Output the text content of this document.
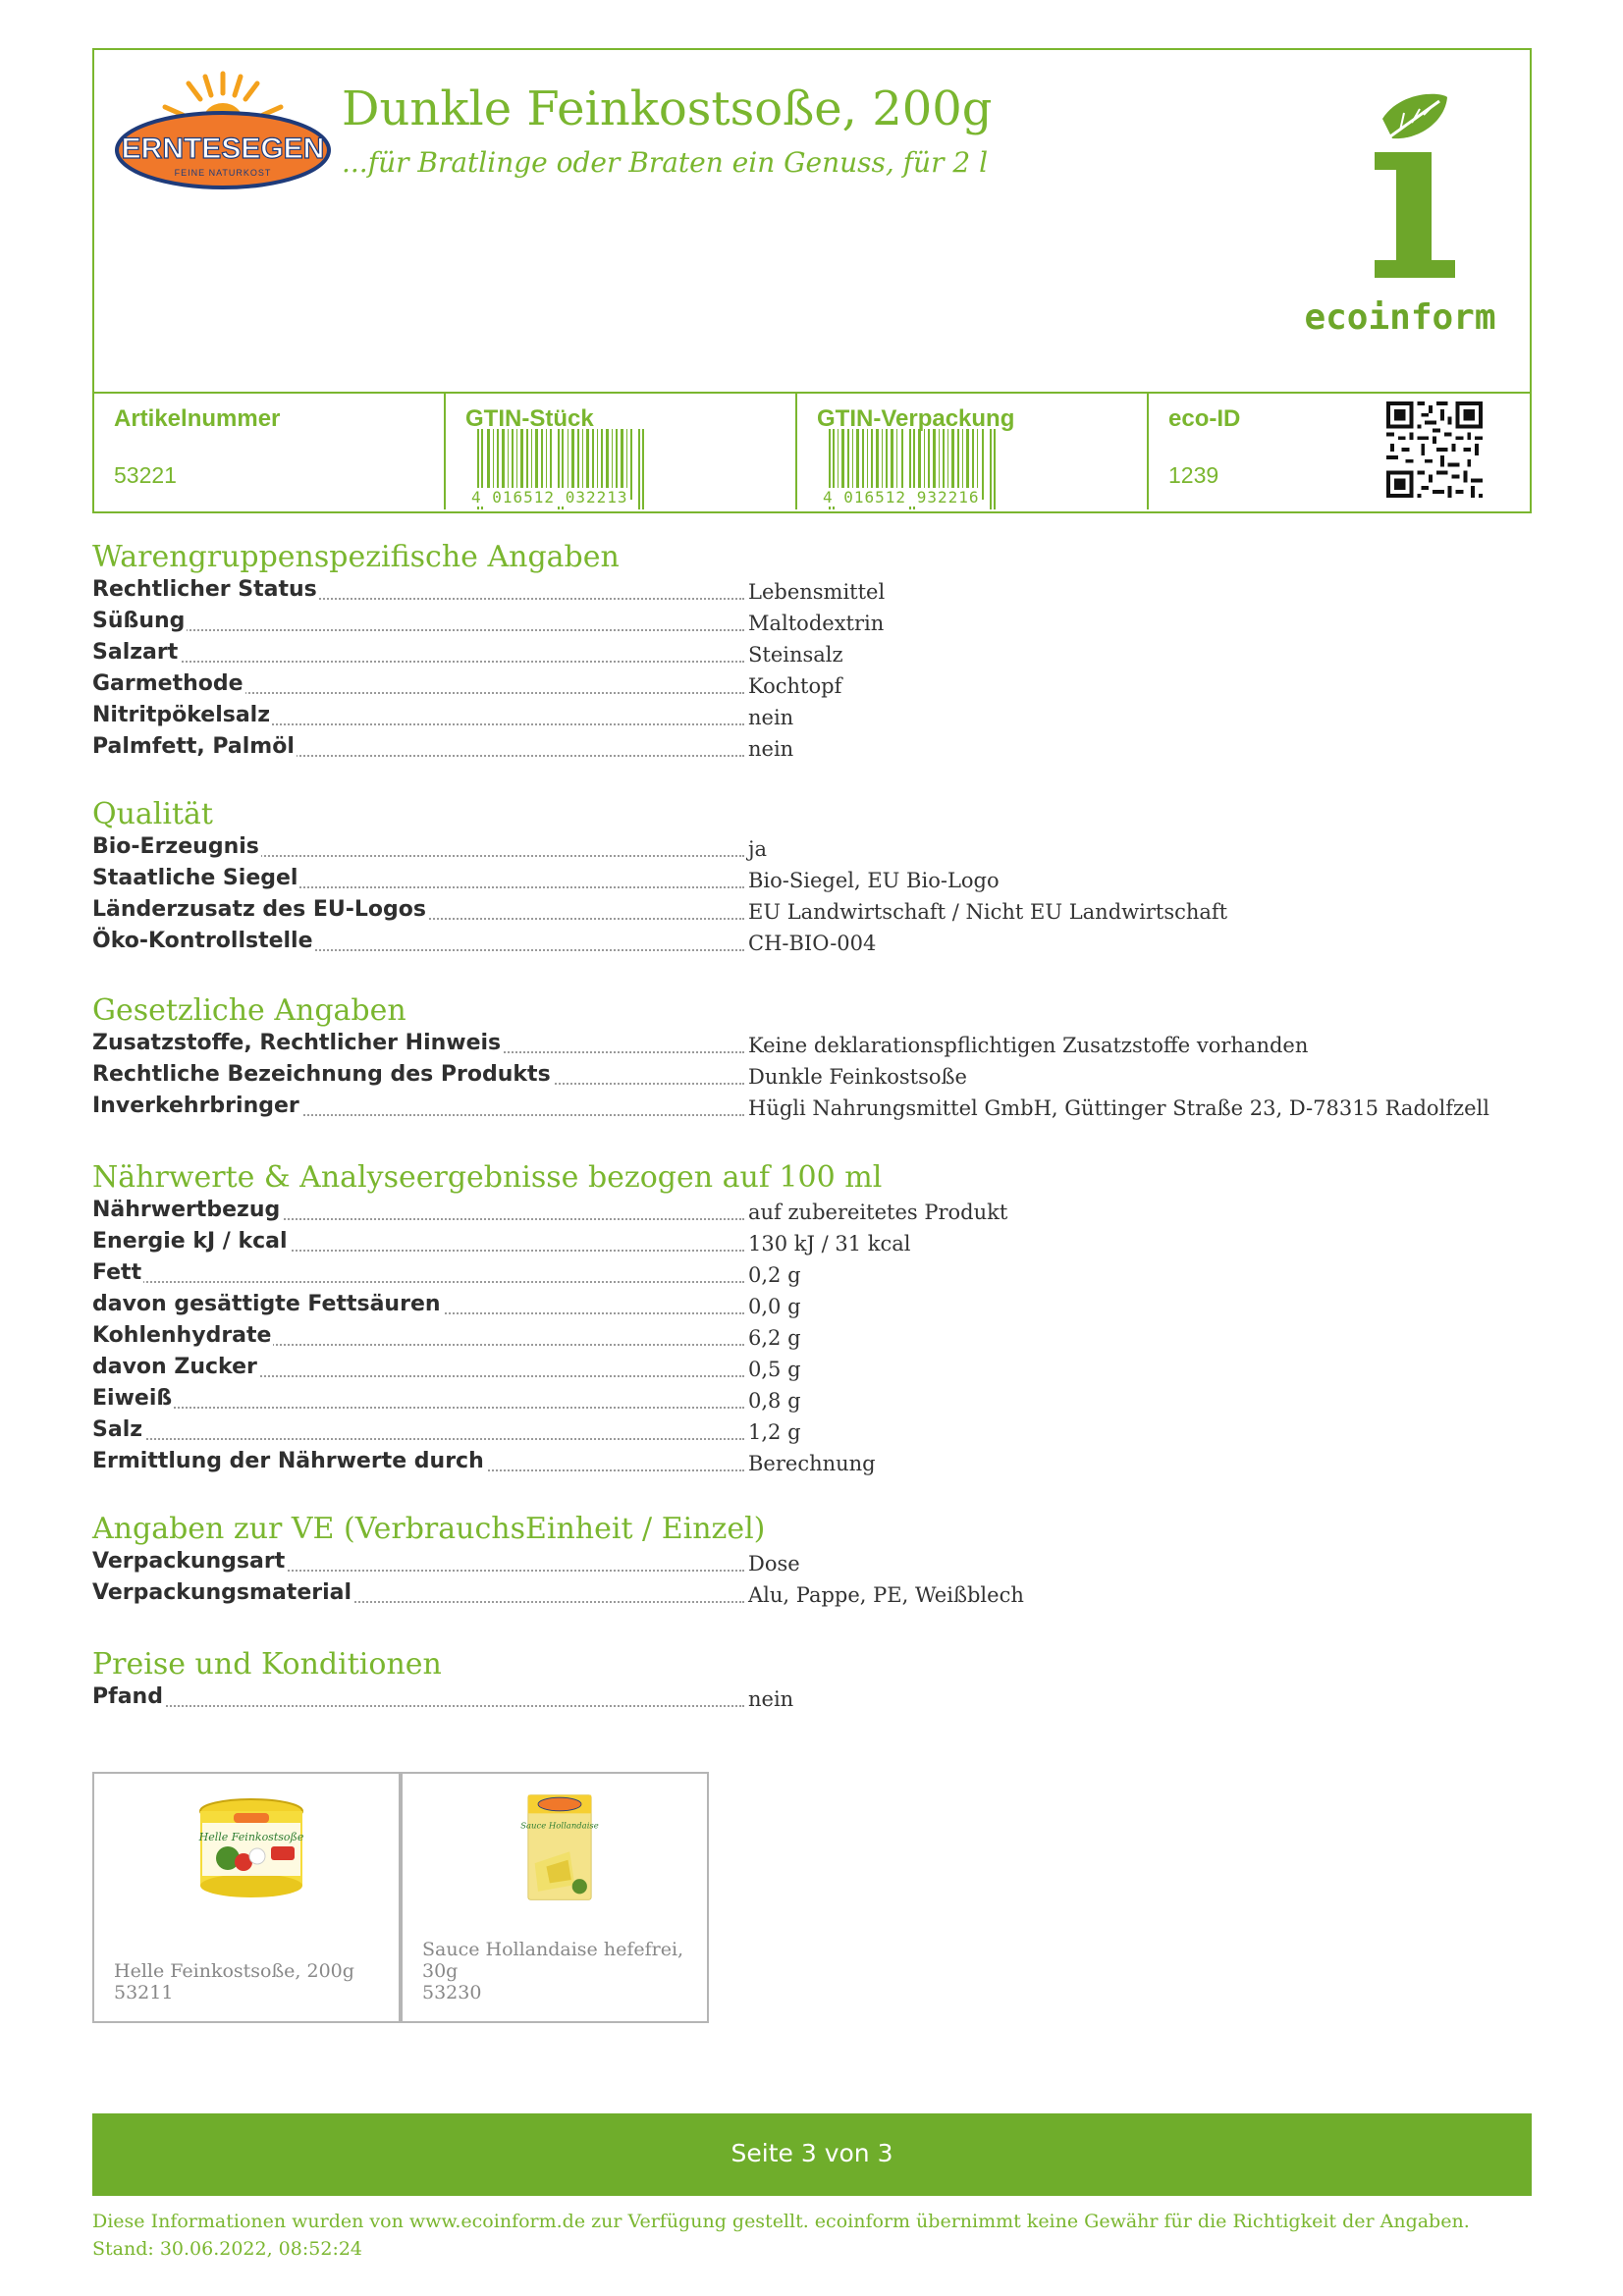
ERNTESEGEN
FEINE NATURKOST
Dunkle Feinkostsoße, 200g
...für Bratlinge oder Braten ein Genuss, für 2 l
ecoinform
Artikelnummer
53221
GTIN-Stück
4 016512 032213
GTIN-Verpackung
4 016512 932216
eco-ID
1239
Warengruppenspezifische Angaben
Rechtlicher Status	Lebensmittel
Süßung	Maltodextrin
Salzart	Steinsalz
Garmethode	Kochtopf
Nitritpökelsalz	nein
Palmfett, Palmöl	nein
Qualität
Bio-Erzeugnis	ja
Staatliche Siegel	Bio-Siegel, EU Bio-Logo
Länderzusatz des EU-Logos	EU Landwirtschaft / Nicht EU Landwirtschaft
Öko-Kontrollstelle	CH-BIO-004
Gesetzliche Angaben
Zusatzstoffe, Rechtlicher Hinweis	Keine deklarationspflichtigen Zusatzstoffe vorhanden
Rechtliche Bezeichnung des Produkts	Dunkle Feinkostsoße
Inverkehrbringer	Hügli Nahrungsmittel GmbH, Güttinger Straße 23, D-78315 Radolfzell
Nährwerte & Analyseergebnisse bezogen auf 100 ml
Nährwertbezug	auf zubereitetes Produkt
Energie kJ / kcal	130 kJ / 31 kcal
Fett	0,2 g
davon gesättigte Fettsäuren	0,0 g
Kohlenhydrate	6,2 g
davon Zucker	0,5 g
Eiweiß	0,8 g
Salz	1,2 g
Ermittlung der Nährwerte durch	Berechnung
Angaben zur VE (VerbrauchsEinheit / Einzel)
Verpackungsart	Dose
Verpackungsmaterial	Alu, Pappe, PE, Weißblech
Preise und Konditionen
Pfand	nein
Helle Feinkostsoße
Helle Feinkostsoße, 200g
53211
Sauce Hollandaise
Sauce Hollandaise hefefrei, 30g
53230
Seite 3 von 3
Diese Informationen wurden von www.ecoinform.de zur Verfügung gestellt. ecoinform übernimmt keine Gewähr für die Richtigkeit der Angaben.
Stand: 30.06.2022, 08:52:24
